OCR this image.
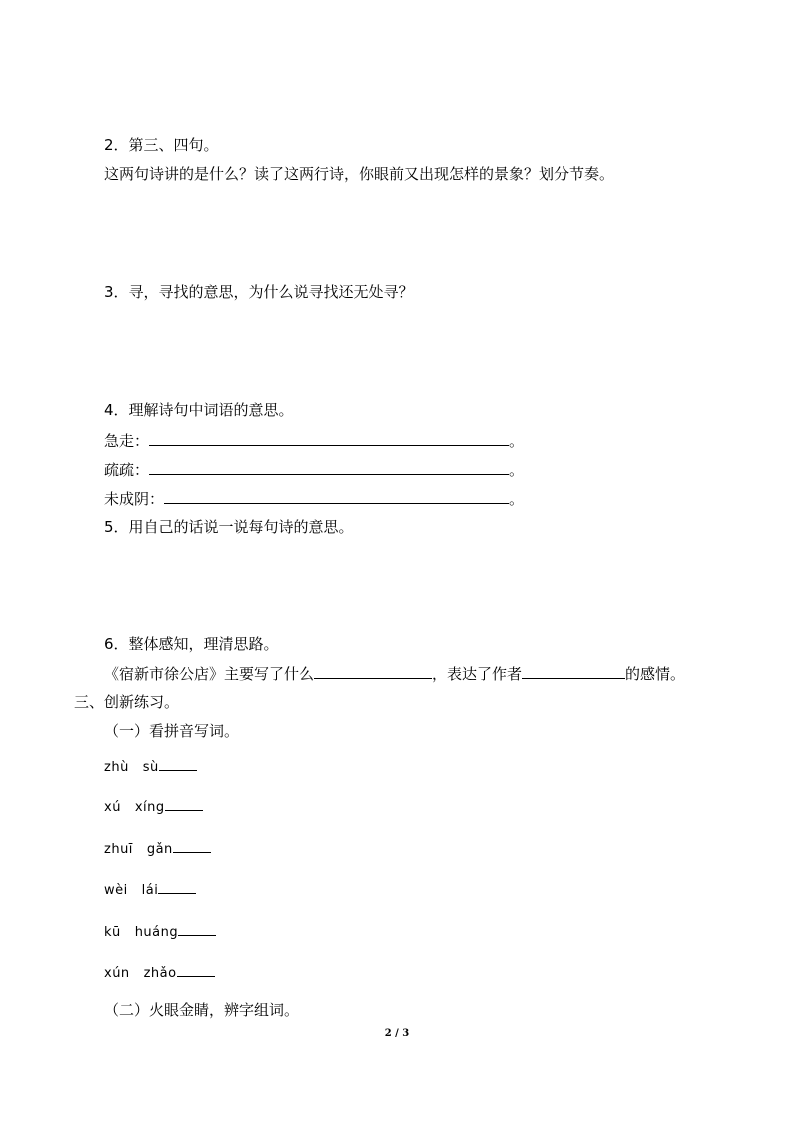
2．第三、四句。
这两句诗讲的是什么？读了这两行诗，你眼前又出现怎样的景象？划分节奏。
3．寻，寻找的意思，为什么说寻找还无处寻？
4．理解诗句中词语的意思。
急走：	。
疏疏：	。
未成阴：	。
5．用自己的话说一说每句诗的意思。
6．整体感知，理清思路。
《宿新市徐公店》主要写了什么	，表达了作者	的感情。
三、创新练习。
（一）看拼音写词。
zhù sù
xú xíng
zhuī gǎn
wèi lái
kū huáng
xún zhǎo
（二）火眼金睛，辨字组词。
2 / 3
